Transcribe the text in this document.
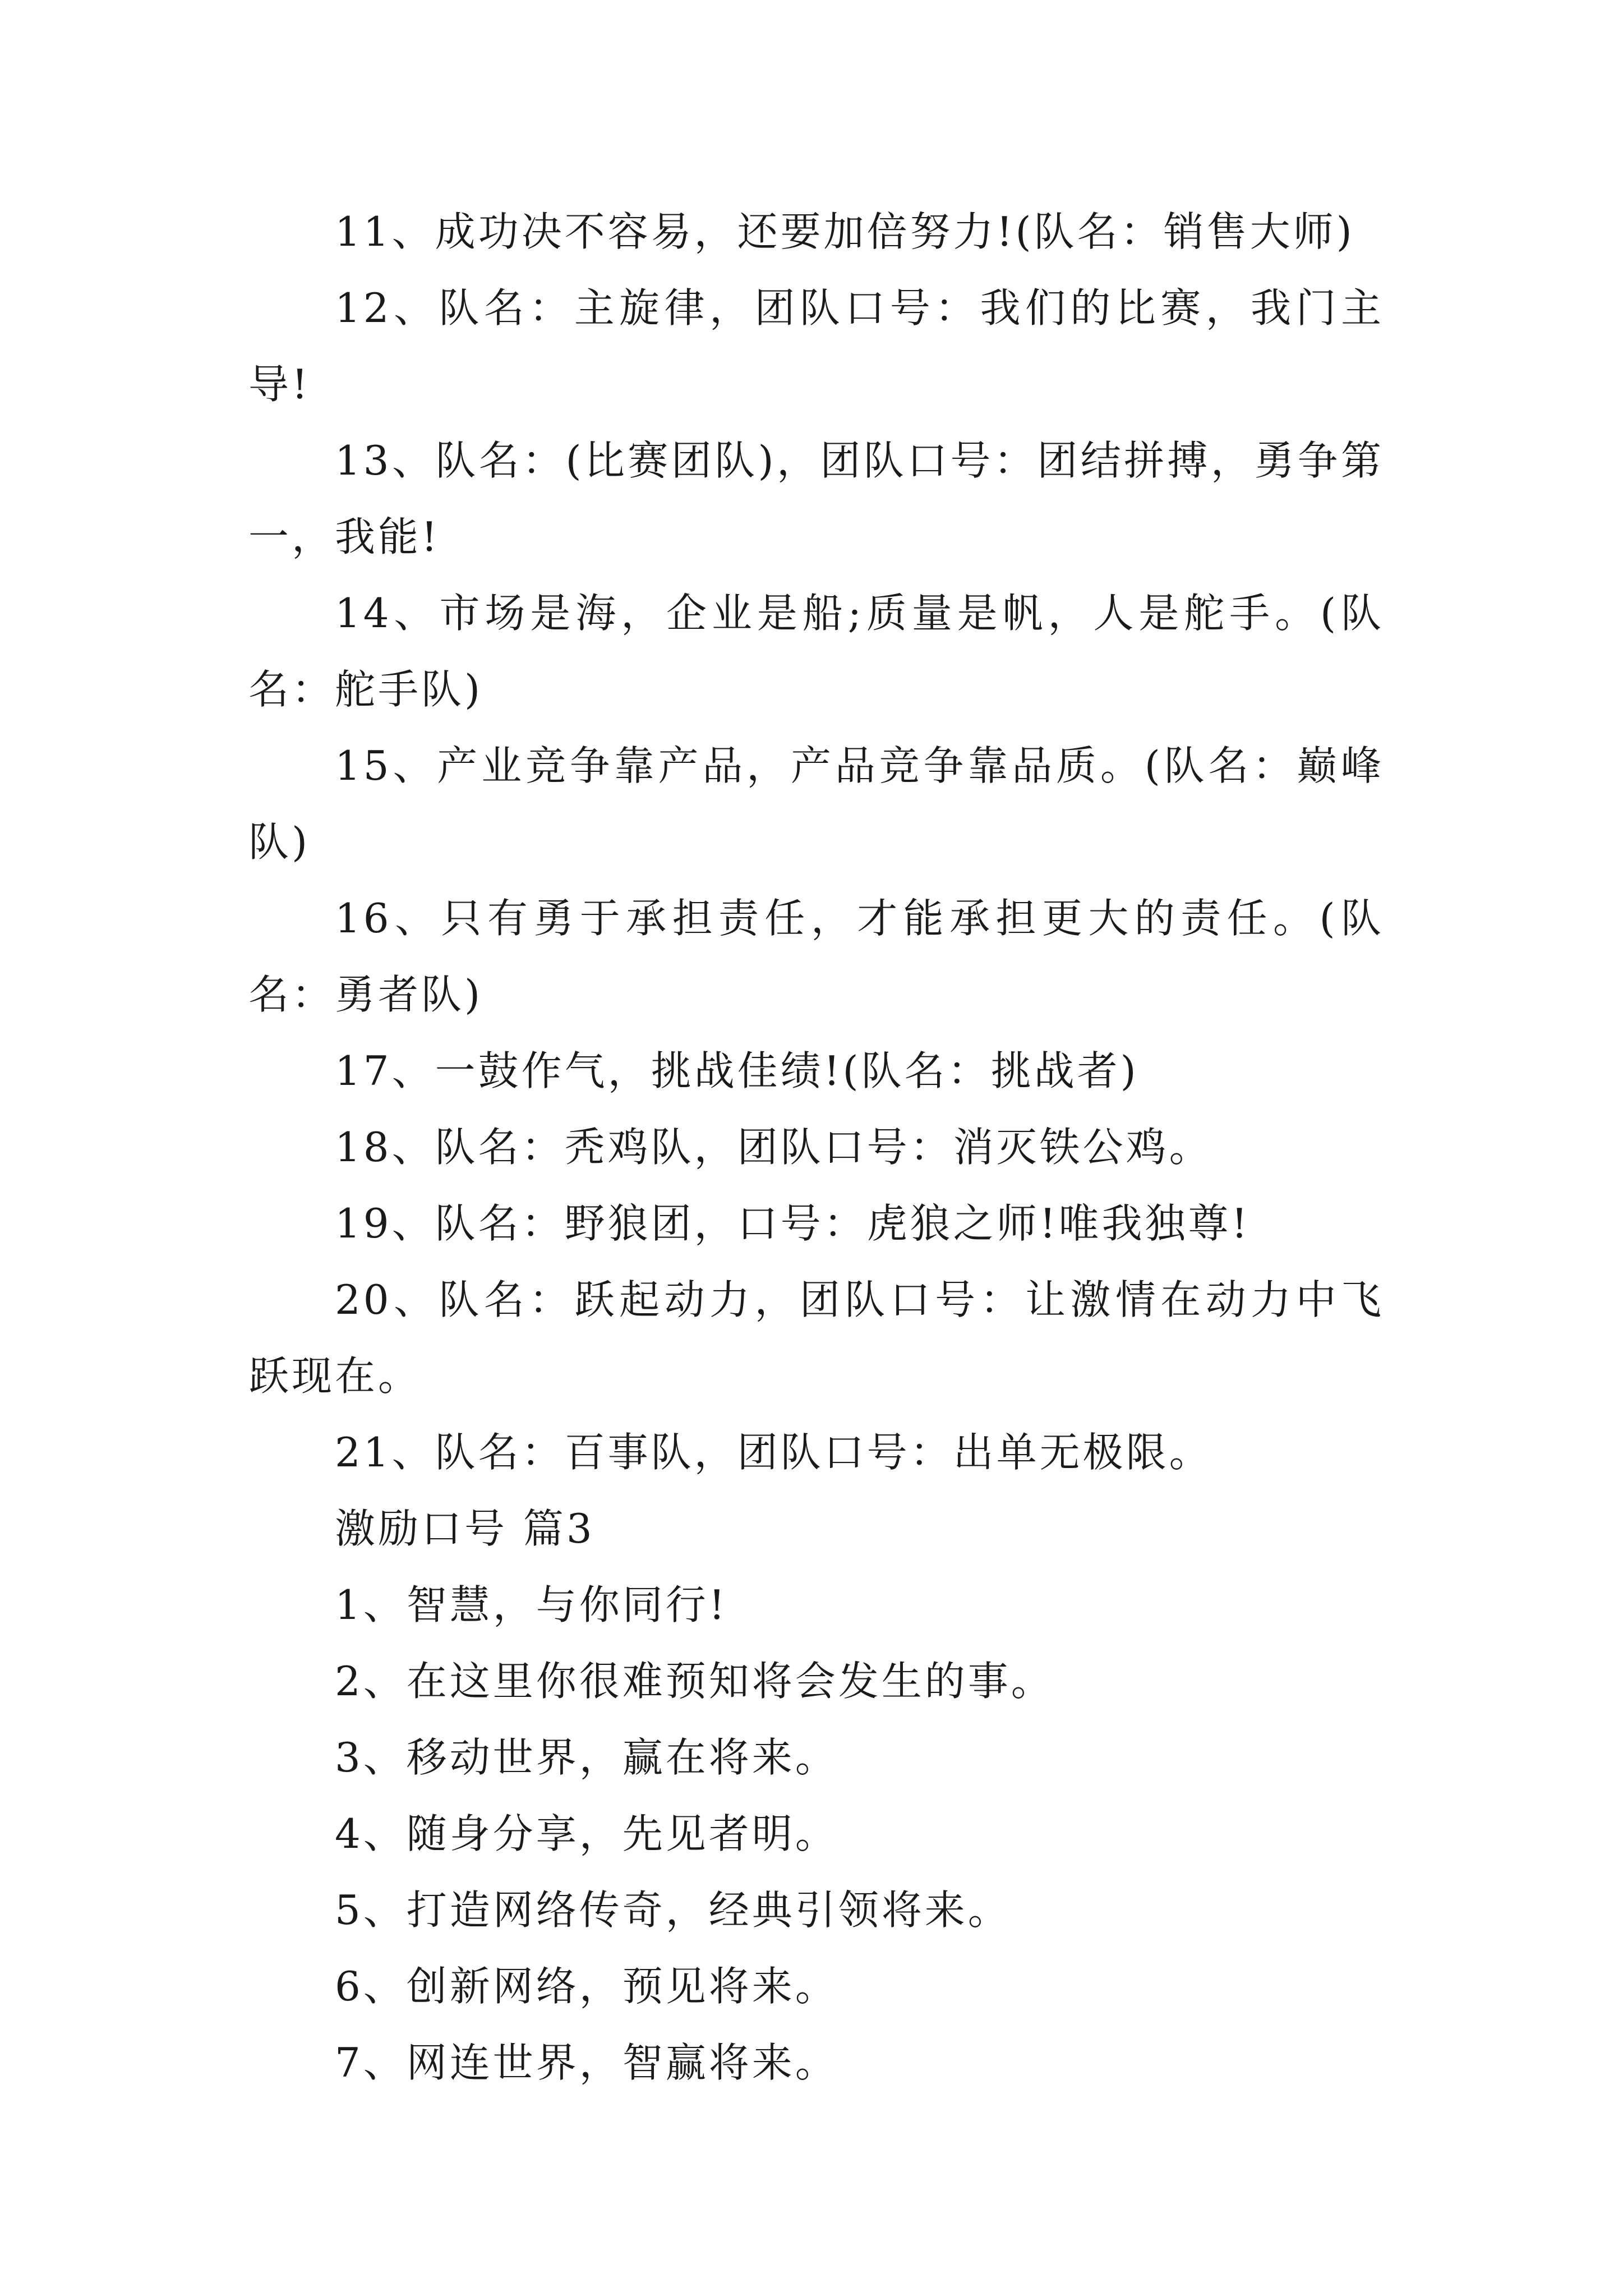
11、成功决不容易，还要加倍努力!(队名：销售大师)

12、队名：主旋律，团队口号：我们的比赛，我门主导!

13、队名：(比赛团队)，团队口号：团结拼搏，勇争第一，我能!

14、市场是海，企业是船;质量是帆，人是舵手。(队名：舵手队)

15、产业竞争靠产品，产品竞争靠品质。(队名：巅峰队)

16、只有勇于承担责任，才能承担更大的责任。(队名：勇者队)

17、一鼓作气，挑战佳绩!(队名：挑战者)

18、队名：秃鸡队，团队口号：消灭铁公鸡。

19、队名：野狼团，口号：虎狼之师!唯我独尊!

20、队名：跃起动力，团队口号：让激情在动力中飞跃现在。

21、队名：百事队，团队口号：出单无极限。

激励口号 篇3

1、智慧，与你同行!

2、在这里你很难预知将会发生的事。

3、移动世界，赢在将来。

4、随身分享，先见者明。

5、打造网络传奇，经典引领将来。

6、创新网络，预见将来。

7、网连世界，智赢将来。
